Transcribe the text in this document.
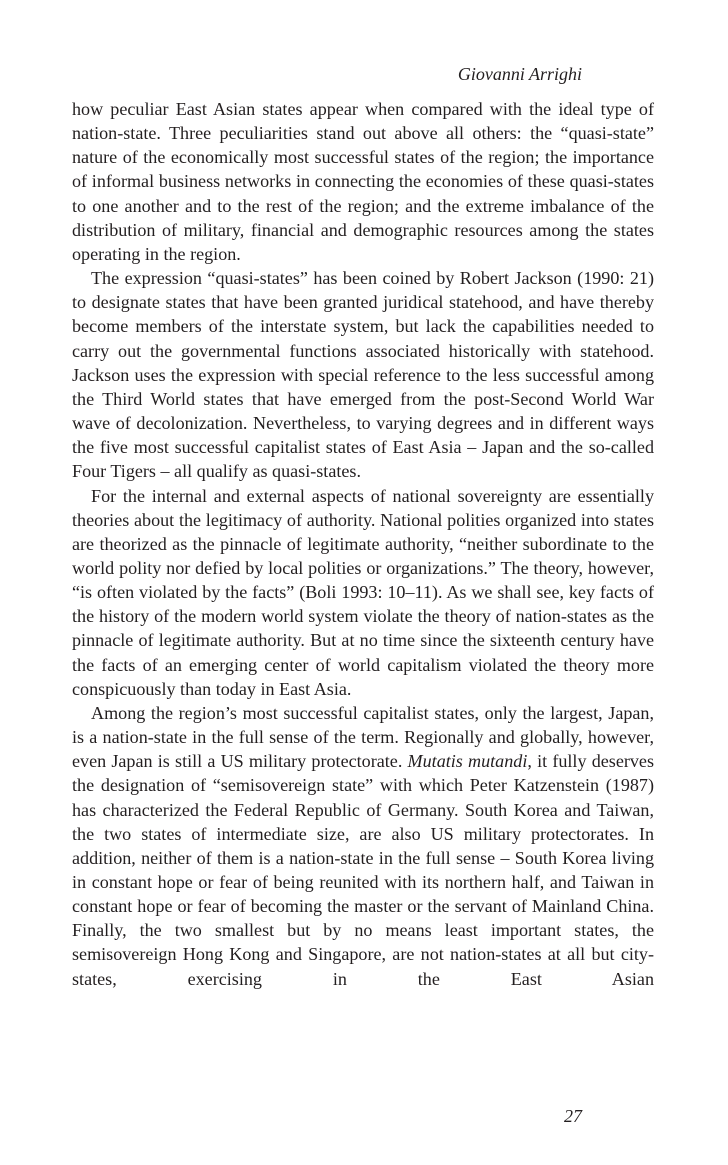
Giovanni Arrighi

how peculiar East Asian states appear when compared with the ideal type of nation-state. Three peculiarities stand out above all others: the “quasi-state” nature of the economically most successful states of the region; the importance of informal business networks in connecting the economies of these quasi-states to one another and to the rest of the region; and the extreme imbalance of the distribution of military, financial and demographic resources among the states operating in the region.

The expression “quasi-states” has been coined by Robert Jackson (1990: 21) to designate states that have been granted juridical statehood, and have thereby become members of the interstate system, but lack the capabilities needed to carry out the governmental functions associated historically with statehood. Jackson uses the expression with special reference to the less successful among the Third World states that have emerged from the post-Second World War wave of decolonization. Nevertheless, to varying degrees and in different ways the five most successful capitalist states of East Asia – Japan and the so-called Four Tigers – all qualify as quasi-states.

For the internal and external aspects of national sovereignty are essentially theories about the legitimacy of authority. National polities organized into states are theorized as the pinnacle of legitimate authority, “neither subordinate to the world polity nor defied by local polities or organizations.” The theory, however, “is often violated by the facts” (Boli 1993: 10–11). As we shall see, key facts of the history of the modern world system violate the theory of nation-states as the pinnacle of legitimate authority. But at no time since the sixteenth century have the facts of an emerging center of world capitalism violated the theory more conspicuously than today in East Asia.

Among the region’s most successful capitalist states, only the largest, Japan, is a nation-state in the full sense of the term. Regionally and globally, however, even Japan is still a US military protectorate. Mutatis mutandi, it fully deserves the designation of “semisovereign state” with which Peter Katzenstein (1987) has characterized the Federal Republic of Germany. South Korea and Taiwan, the two states of intermediate size, are also US military protectorates. In addition, neither of them is a nation-state in the full sense – South Korea living in constant hope or fear of being reunited with its northern half, and Taiwan in constant hope or fear of becoming the master or the servant of Mainland China. Finally, the two smallest but by no means least important states, the semisovereign Hong Kong and Singapore, are not nation-states at all but city-states, exercising in the East Asian

27
